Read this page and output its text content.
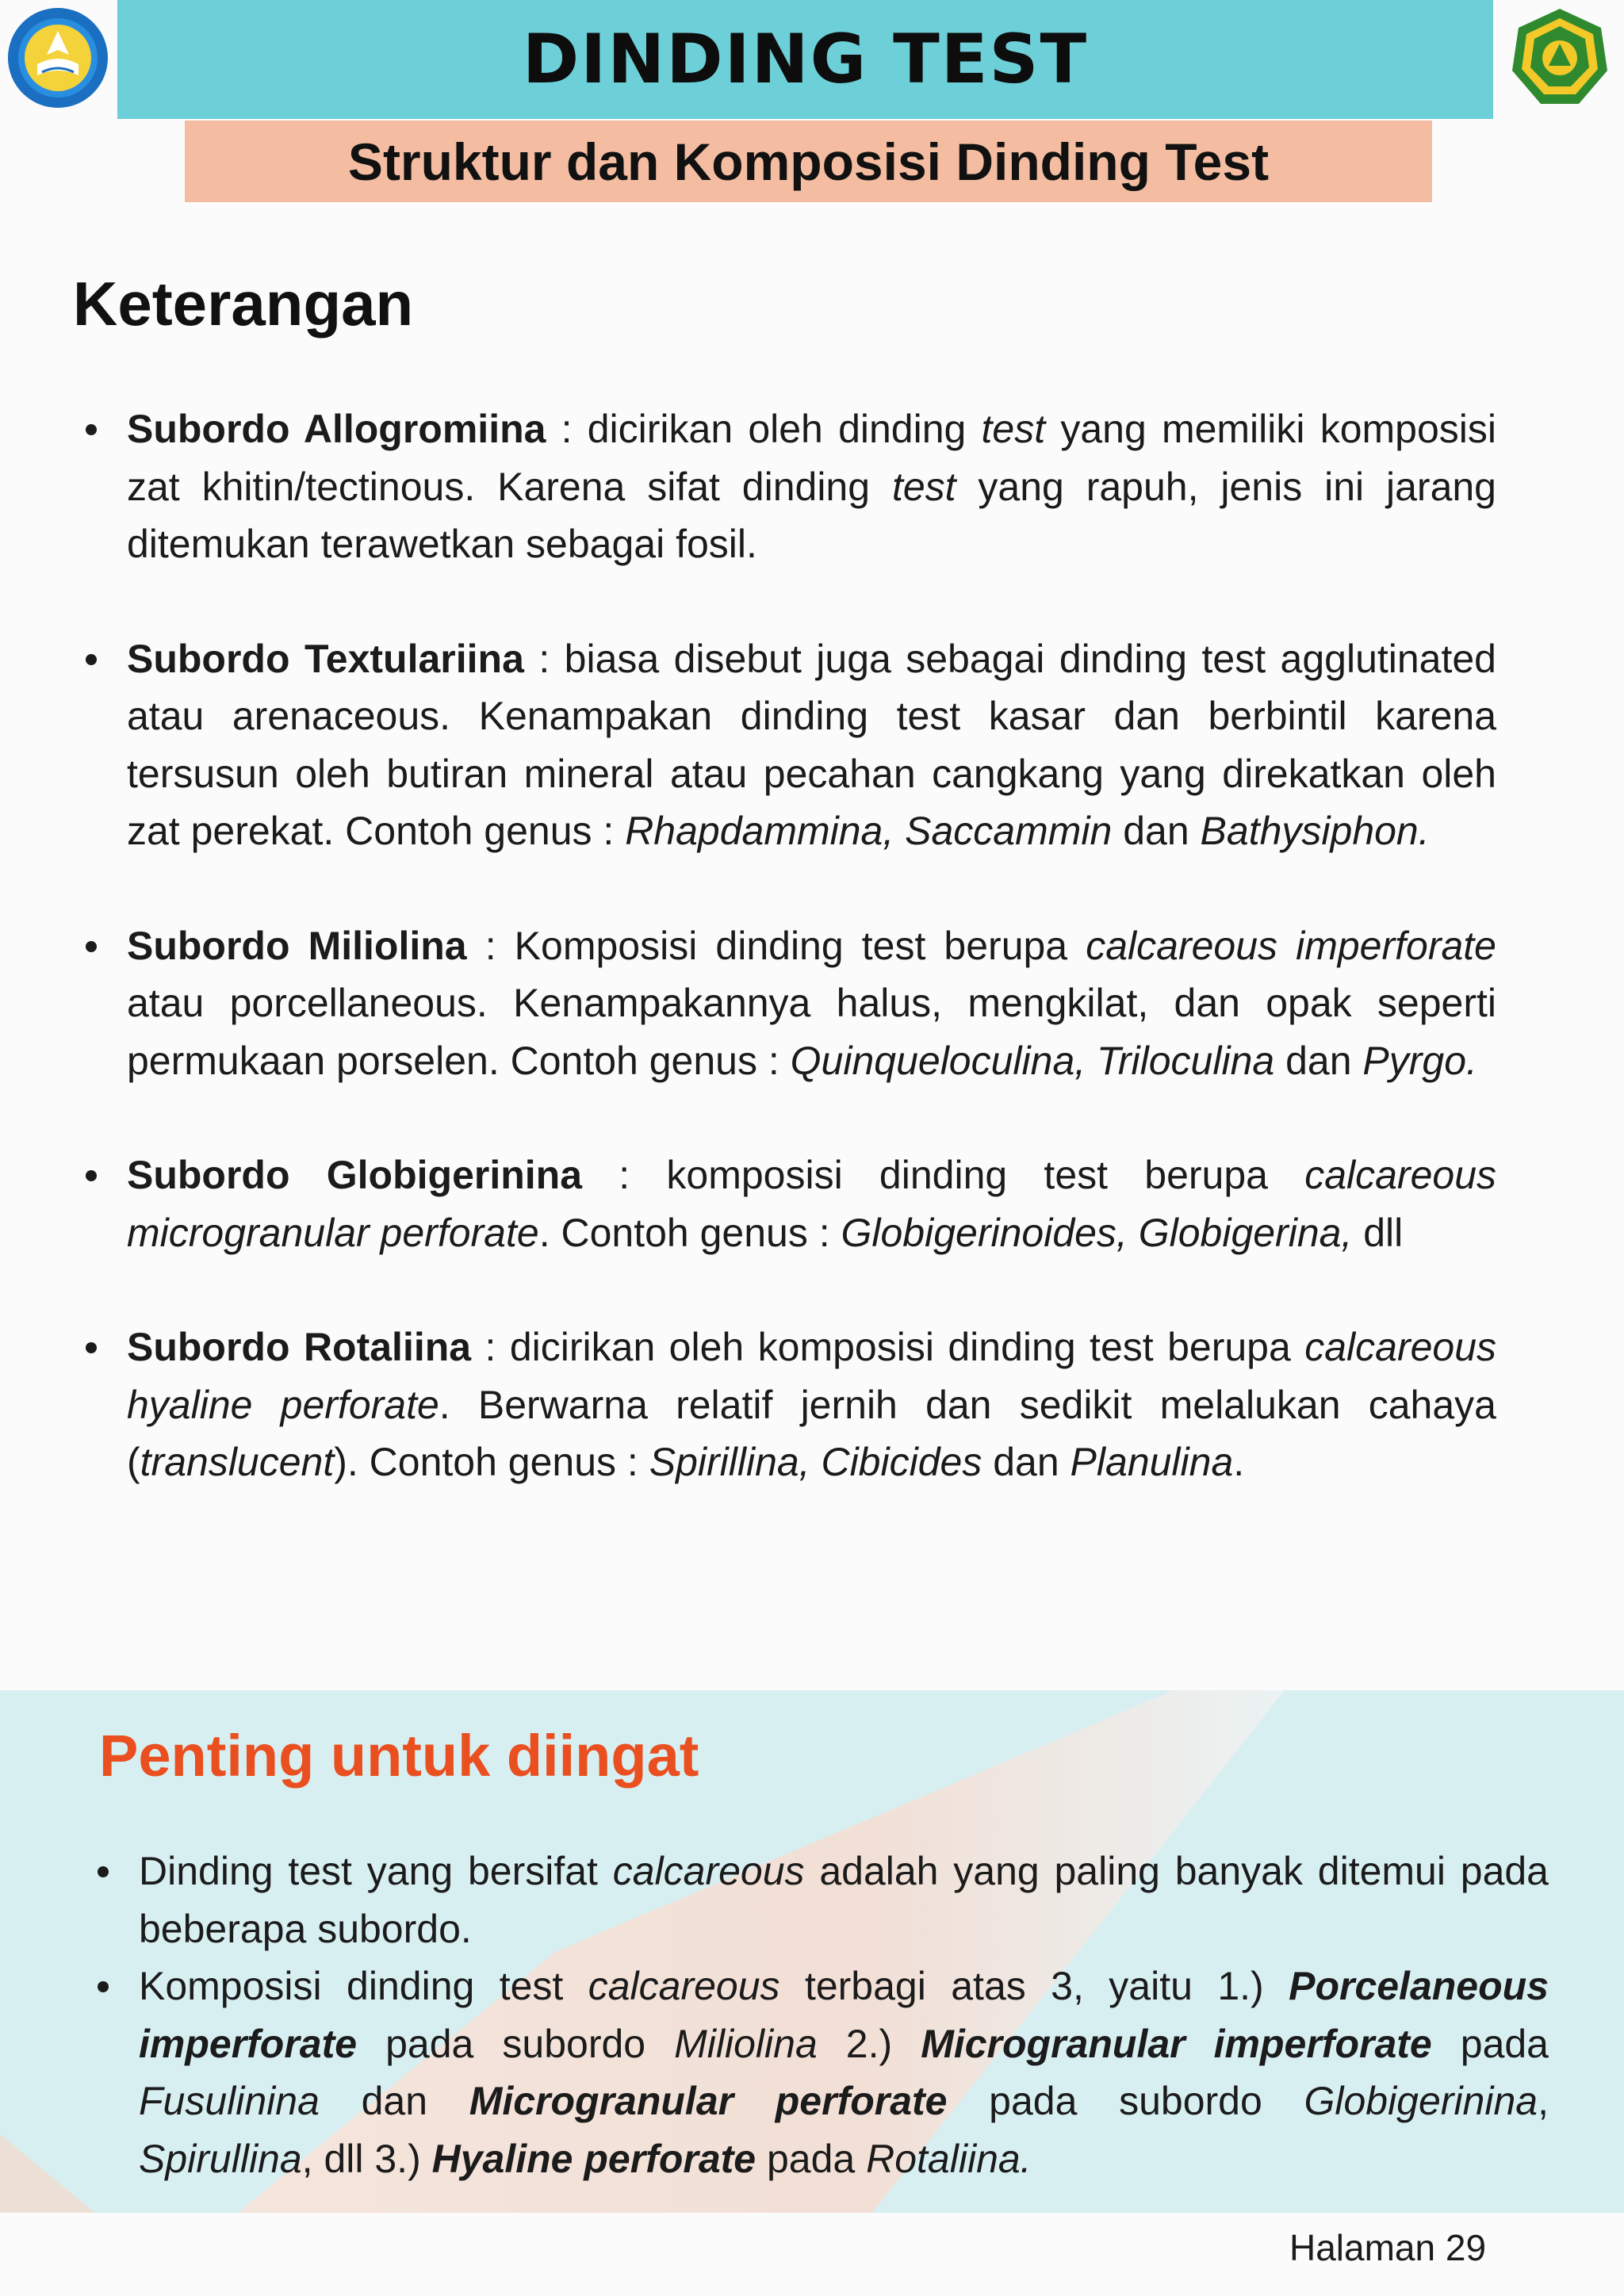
DINDING TEST
Struktur dan Komposisi Dinding Test
Keterangan
Subordo Allogromiina : dicirikan oleh dinding test yang memiliki komposisi zat khitin/tectinous. Karena sifat dinding test yang rapuh, jenis ini jarang ditemukan terawetkan sebagai fosil.
Subordo Textulariina : biasa disebut juga sebagai dinding test agglutinated atau arenaceous. Kenampakan dinding test kasar dan berbintil karena tersusun oleh butiran mineral atau pecahan cangkang yang direkatkan oleh zat perekat. Contoh genus : Rhapdammina, Saccammin dan Bathysiphon.
Subordo Miliolina : Komposisi dinding test berupa calcareous imperforate atau porcellaneous. Kenampakannya halus, mengkilat, dan opak seperti permukaan porselen. Contoh genus : Quinqueloculina, Triloculina dan Pyrgo.
Subordo Globigerinina : komposisi dinding test berupa calcareous microgranular perforate. Contoh genus : Globigerinoides, Globigerina, dll
Subordo Rotaliina : dicirikan oleh komposisi dinding test berupa calcareous hyaline perforate. Berwarna relatif jernih dan sedikit melalukan cahaya (translucent). Contoh genus : Spirillina, Cibicides dan Planulina.
Penting untuk diingat
Dinding test yang bersifat calcareous adalah yang paling banyak ditemui pada beberapa subordo.
Komposisi dinding test calcareous terbagi atas 3, yaitu 1.) Porcelaneous imperforate pada subordo Miliolina 2.) Microgranular imperforate pada Fusulinina dan Microgranular perforate pada subordo Globigerinina, Spirullina, dll 3.) Hyaline perforate pada Rotaliina.
Halaman 29
